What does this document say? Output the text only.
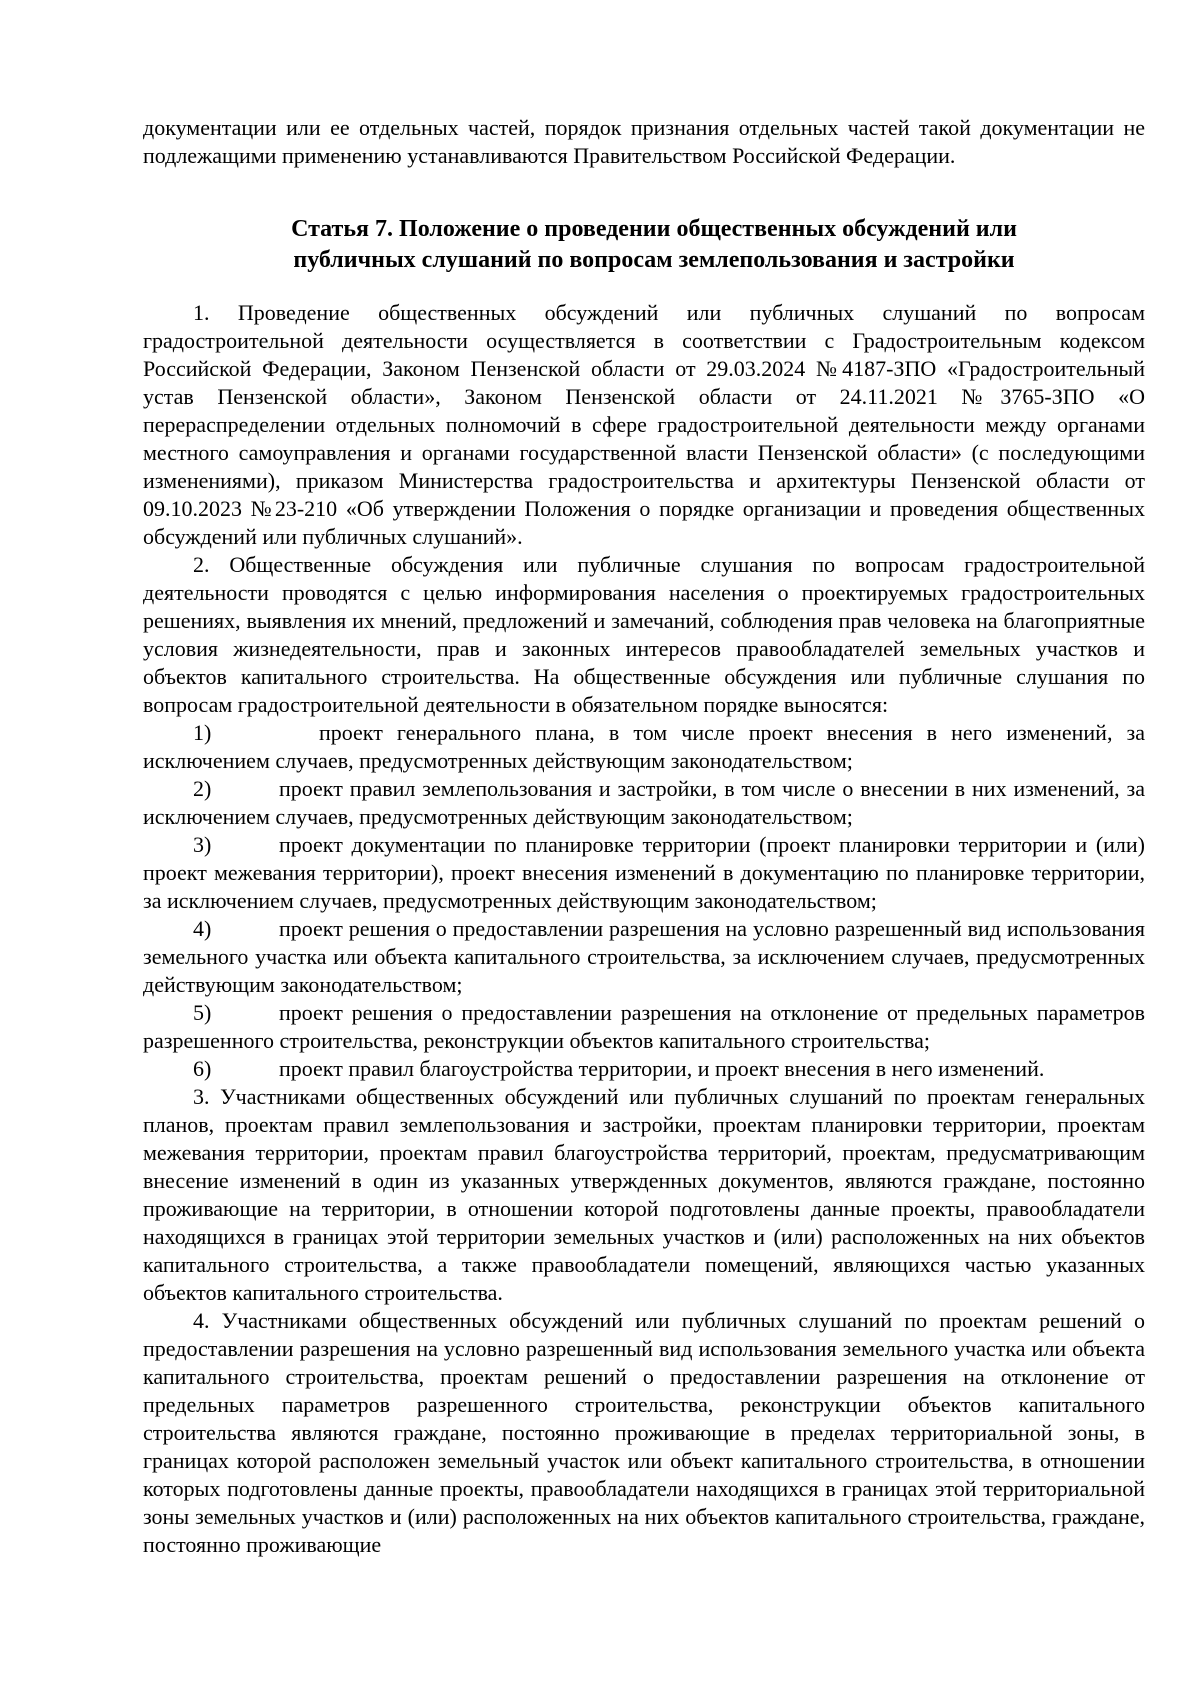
документации или ее отдельных частей, порядок признания отдельных частей такой документации не подлежащими применению устанавливаются Правительством Российской Федерации.

Статья 7. Положение о проведении общественных обсуждений или
публичных слушаний по вопросам землепользования и застройки

1. Проведение общественных обсуждений или публичных слушаний по вопросам градостроительной деятельности осуществляется в соответствии с Градостроительным кодексом Российской Федерации, Законом Пензенской области от 29.03.2024 №4187-ЗПО «Градостроительный устав Пензенской области», Законом Пензенской области от 24.11.2021 №3765-ЗПО «О перераспределении отдельных полномочий в сфере градостроительной деятельности между органами местного самоуправления и органами государственной власти Пензенской области» (с последующими изменениями), приказом Министерства градостроительства и архитектуры Пензенской области от 09.10.2023 №23-210 «Об утверждении Положения о порядке организации и проведения общественных обсуждений или публичных слушаний».

2. Общественные обсуждения или публичные слушания по вопросам градостроительной деятельности проводятся с целью информирования населения о проектируемых градостроительных решениях, выявления их мнений, предложений и замечаний, соблюдения прав человека на благоприятные условия жизнедеятельности, прав и законных интересов правообладателей земельных участков и объектов капитального строительства. На общественные обсуждения или публичные слушания по вопросам градостроительной деятельности в обязательном порядке выносятся:

1)	проект генерального плана, в том числе проект внесения в него изменений, за исключением случаев, предусмотренных действующим законодательством;

2)	проект правил землепользования и застройки, в том числе о внесении в них изменений, за исключением случаев, предусмотренных действующим законодательством;

3)	проект документации по планировке территории (проект планировки территории и (или) проект межевания территории), проект внесения изменений в документацию по планировке территории, за исключением случаев, предусмотренных действующим законодательством;

4)	проект решения о предоставлении разрешения на условно разрешенный вид использования земельного участка или объекта капитального строительства, за исключением случаев, предусмотренных действующим законодательством;

5)	проект решения о предоставлении разрешения на отклонение от предельных параметров разрешенного строительства, реконструкции объектов капитального строительства;

6)	проект правил благоустройства территории, и проект внесения в него изменений.

3. Участниками общественных обсуждений или публичных слушаний по проектам генеральных планов, проектам правил землепользования и застройки, проектам планировки территории, проектам межевания территории, проектам правил благоустройства территорий, проектам, предусматривающим внесение изменений в один из указанных утвержденных документов, являются граждане, постоянно проживающие на территории, в отношении которой подготовлены данные проекты, правообладатели находящихся в границах этой территории земельных участков и (или) расположенных на них объектов капитального строительства, а также правообладатели помещений, являющихся частью указанных объектов капитального строительства.

4. Участниками общественных обсуждений или публичных слушаний по проектам решений о предоставлении разрешения на условно разрешенный вид использования земельного участка или объекта капитального строительства, проектам решений о предоставлении разрешения на отклонение от предельных параметров разрешенного строительства, реконструкции объектов капитального строительства являются граждане, постоянно проживающие в пределах территориальной зоны, в границах которой расположен земельный участок или объект капитального строительства, в отношении которых подготовлены данные проекты, правообладатели находящихся в границах этой территориальной зоны земельных участков и (или) расположенных на них объектов капитального строительства, граждане, постоянно проживающие
